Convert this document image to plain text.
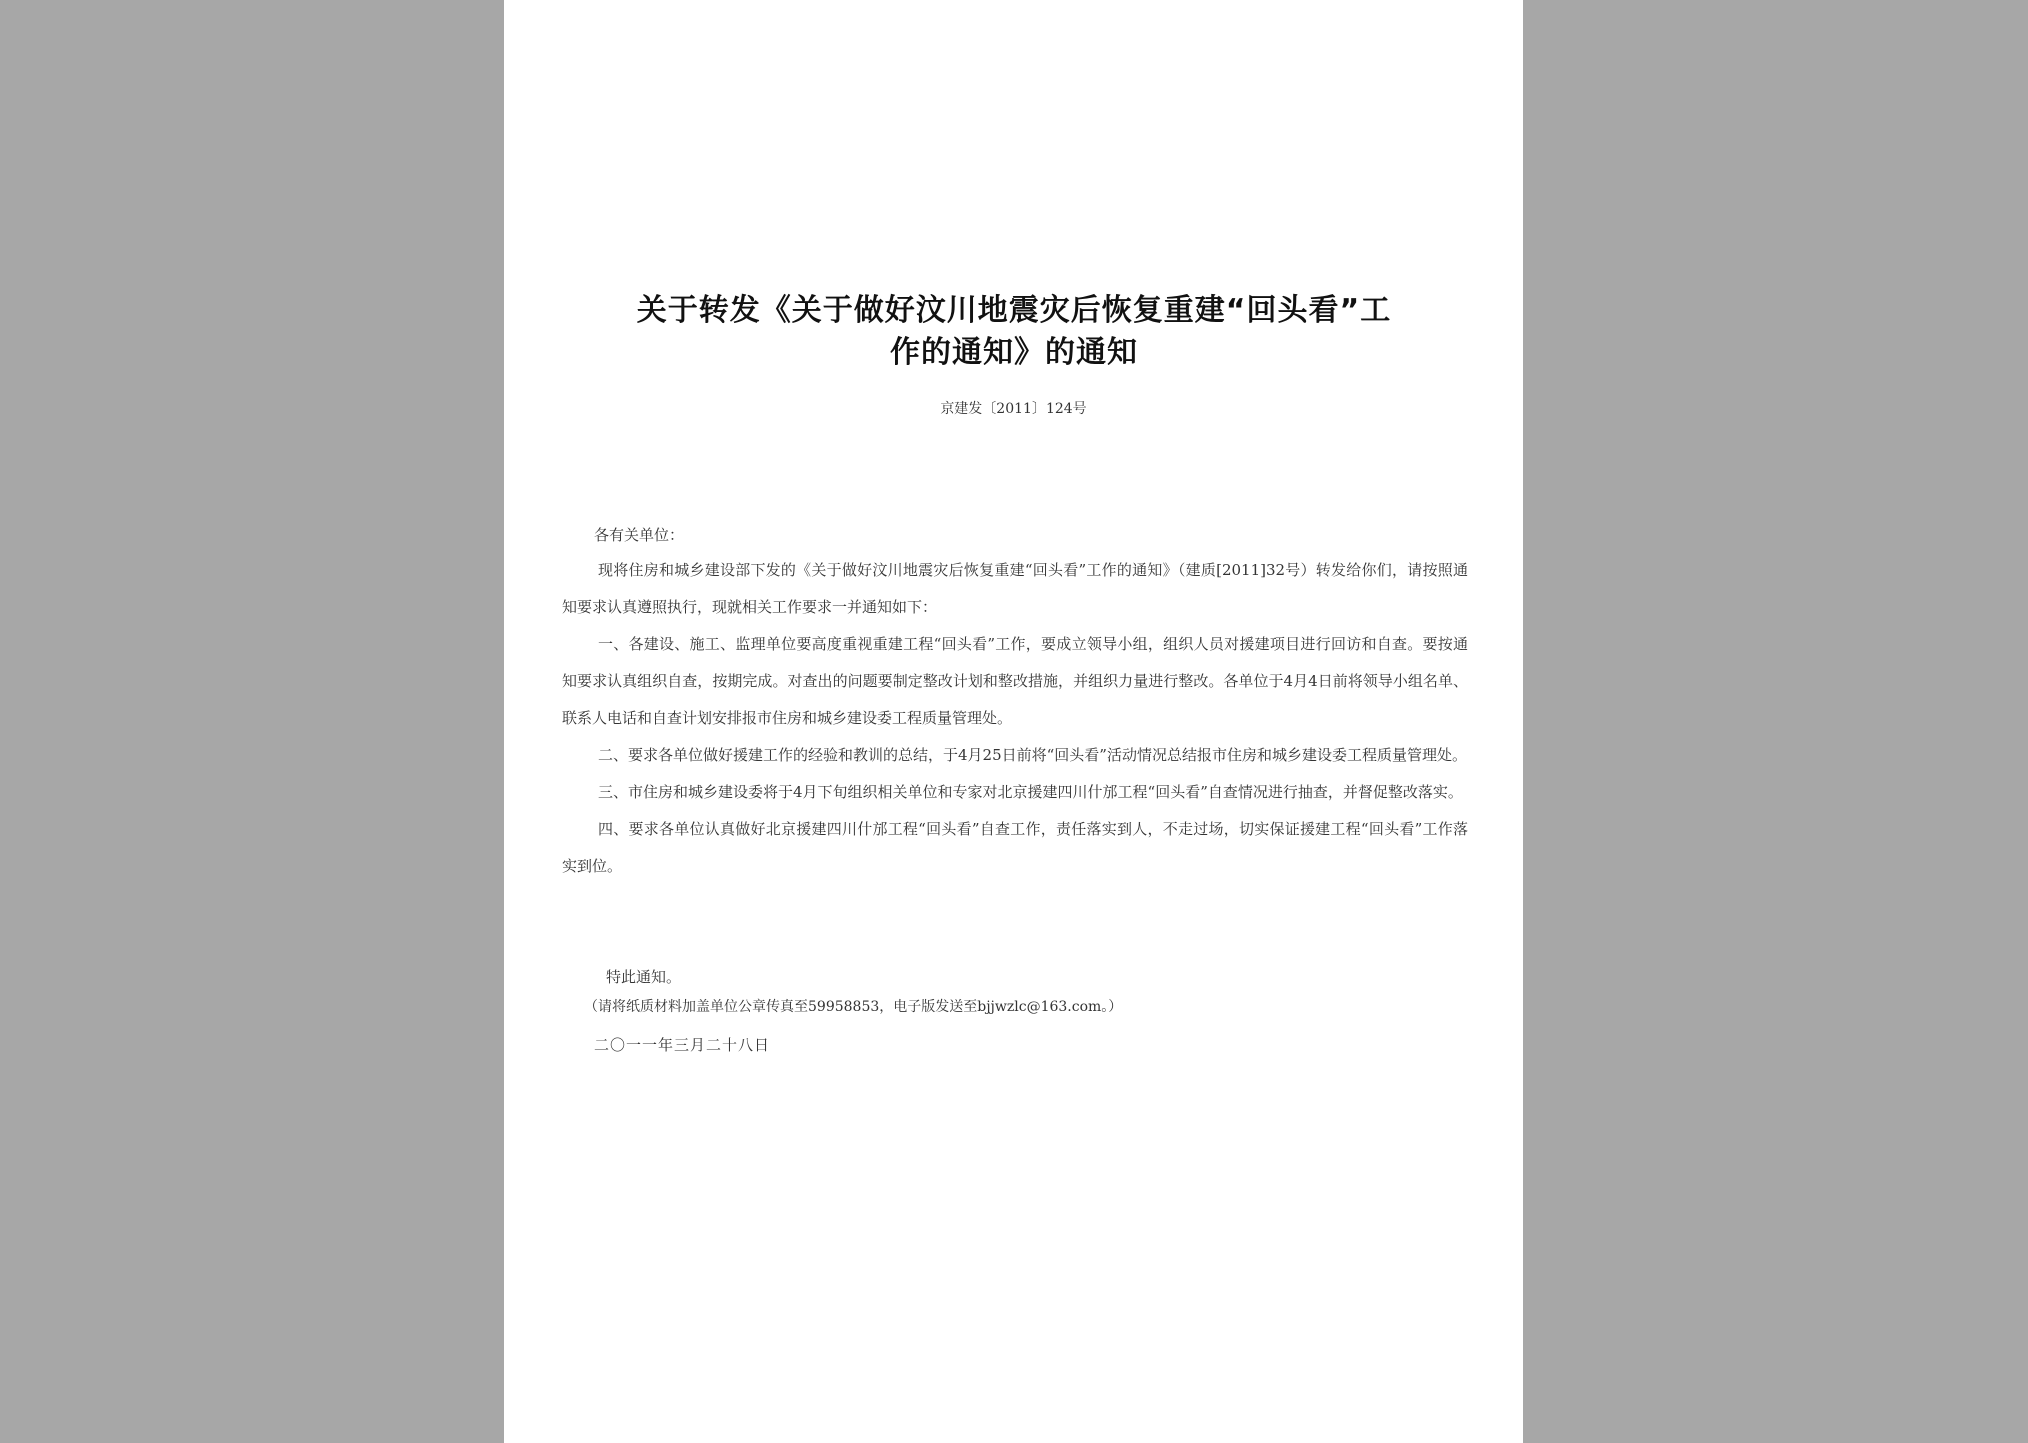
关于转发《关于做好汶川地震灾后恢复重建“回头看”工
作的通知》的通知
京建发〔2011〕124号
各有关单位：

现将住房和城乡建设部下发的《关于做好汶川地震灾后恢复重建“回头看”工作的通知》（建质[2011]32号）转发给你们，请按照通知要求认真遵照执行，现就相关工作要求一并通知如下：

一、各建设、施工、监理单位要高度重视重建工程“回头看”工作，要成立领导小组，组织人员对援建项目进行回访和自查。要按通知要求认真组织自查，按期完成。对查出的问题要制定整改计划和整改措施，并组织力量进行整改。各单位于4月4日前将领导小组名单、联系人电话和自查计划安排报市住房和城乡建设委工程质量管理处。

二、要求各单位做好援建工作的经验和教训的总结，于4月25日前将“回头看”活动情况总结报市住房和城乡建设委工程质量管理处。

三、市住房和城乡建设委将于4月下旬组织相关单位和专家对北京援建四川什邡工程“回头看”自查情况进行抽查，并督促整改落实。

四、要求各单位认真做好北京援建四川什邡工程“回头看”自查工作，责任落实到人，不走过场，切实保证援建工程“回头看”工作落实到位。

特此通知。
（请将纸质材料加盖单位公章传真至59958853，电子版发送至bjjwzlc@163.com。）
二〇一一年三月二十八日
